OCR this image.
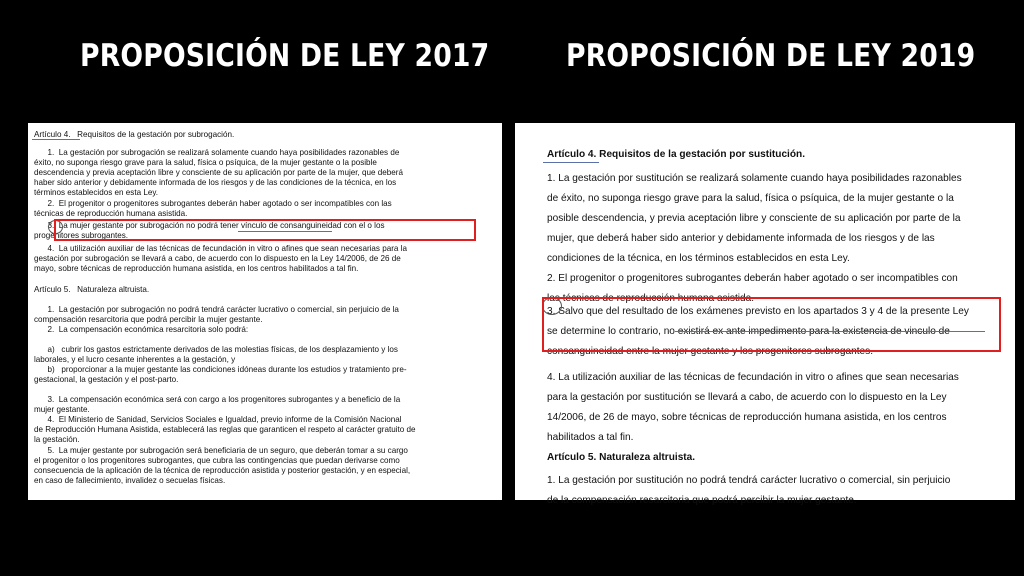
PROPOSICIÓN DE LEY 2017 PROPOSICIÓN DE LEY 2019
Artículo 4.   Requisitos de la gestación por subrogación.
1.  La gestación por subrogación se realizará solamente cuando haya posibilidades razonables de
éxito, no suponga riesgo grave para la salud, física o psíquica, de la mujer gestante o la posible
descendencia y previa aceptación libre y consciente de su aplicación por parte de la mujer, que deberá
haber sido anterior y debidamente informada de los riesgos y de las condiciones de la técnica, en los
términos establecidos en esta Ley.
2.  El progenitor o progenitores subrogantes deberán haber agotado o ser incompatibles con las
técnicas de reproducción humana asistida.
3.  La mujer gestante por subrogación no podrá tener vínculo de consanguineidad con el o los
progenitores subrogantes.
4.  La utilización auxiliar de las técnicas de fecundación in vitro o afines que sean necesarias para la
gestación por subrogación se llevará a cabo, de acuerdo con lo dispuesto en la Ley 14/2006, de 26 de
mayo, sobre técnicas de reproducción humana asistida, en los centros habilitados a tal fin.
Artículo 5.   Naturaleza altruista.
1.  La gestación por subrogación no podrá tendrá carácter lucrativo o comercial, sin perjuicio de la
compensación resarcitoria que podrá percibir la mujer gestante.
2.  La compensación económica resarcitoria solo podrá:
a)   cubrir los gastos estrictamente derivados de las molestias físicas, de los desplazamiento y los
laborales, y el lucro cesante inherentes a la gestación, y
b)   proporcionar a la mujer gestante las condiciones idóneas durante los estudios y tratamiento pre-
gestacional, la gestación y el post-parto.
3.  La compensación económica será con cargo a los progenitores subrogantes y a beneficio de la
mujer gestante.
4.  El Ministerio de Sanidad, Servicios Sociales e Igualdad, previo informe de la Comisión Nacional
de Reproducción Humana Asistida, establecerá las reglas que garanticen el respeto al carácter gratuito de
la gestación.
5.  La mujer gestante por subrogación será beneficiaria de un seguro, que deberán tomar a su cargo
el progenitor o los progenitores subrogantes, que cubra las contingencias que puedan derivarse como
consecuencia de la aplicación de la técnica de reproducción asistida y posterior gestación, y en especial,
en caso de fallecimiento, invalidez o secuelas físicas.
Artículo 4. Requisitos de la gestación por sustitución.
1. La gestación por sustitución se realizará solamente cuando haya posibilidades razonables
de éxito, no suponga riesgo grave para la salud, física o psíquica, de la mujer gestante o la
posible descendencia, y previa aceptación libre y consciente de su aplicación por parte de la
mujer, que deberá haber sido anterior y debidamente informada de los riesgos y de las
condiciones de la técnica, en los términos establecidos en esta Ley.
2. El progenitor o progenitores subrogantes deberán haber agotado o ser incompatibles con
las técnicas de reproducción humana asistida.
3. Salvo que del resultado de los exámenes previsto en los apartados 3 y 4 de la presente Ley
se determine lo contrario, no existirá ex ante impedimento para la existencia de vinculo de
consanguineidad entre la mujer gestante y los progenitores subrogantes.
4. La utilización auxiliar de las técnicas de fecundación in vitro o afines que sean necesarias
para la gestación por sustitución se llevará a cabo, de acuerdo con lo dispuesto en la Ley
14/2006, de 26 de mayo, sobre técnicas de reproducción humana asistida, en los centros
habilitados a tal fin.
Artículo 5. Naturaleza altruista.
1. La gestación por sustitución no podrá tendrá carácter lucrativo o comercial, sin perjuicio
de la compensación resarcitoria que podrá percibir la mujer gestante.
